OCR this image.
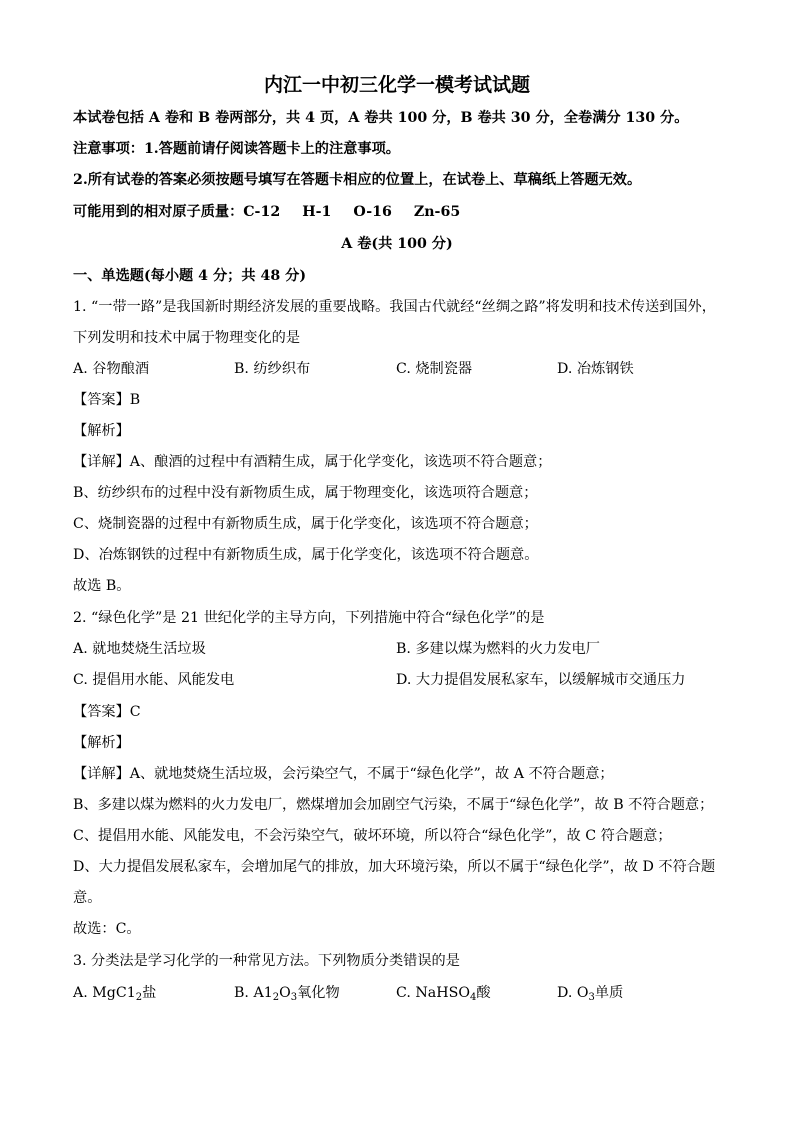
内江一中初三化学一模考试试题
本试卷包括 A 卷和 B 卷两部分，共 4 页，A 卷共 100 分，B 卷共 30 分，全卷满分 130 分。
注意事项：1.答题前请仔阅读答题卡上的注意事项。
2.所有试卷的答案必须按题号填写在答题卡相应的位置上，在试卷上、草稿纸上答题无效。
可能用到的相对原子质量：C-12 H-1 O-16 Zn-65
A 卷(共 100 分)
一、单选题(每小题 4 分；共 48 分)
1. “一带一路”是我国新时期经济发展的重要战略。我国古代就经“丝绸之路”将发明和技术传送到国外，
下列发明和技术中属于物理变化的是
A. 谷物酿酒	B. 纺纱织布	C. 烧制瓷器	D. 冶炼钢铁
【答案】B
【解析】
【详解】A、酿酒的过程中有酒精生成，属于化学变化，该选项不符合题意；
B、纺纱织布的过程中没有新物质生成，属于物理变化，该选项符合题意；
C、烧制瓷器的过程中有新物质生成，属于化学变化，该选项不符合题意；
D、冶炼钢铁的过程中有新物质生成，属于化学变化，该选项不符合题意。
故选 B。
2. “绿色化学”是 21 世纪化学的主导方向，下列措施中符合“绿色化学”的是
A. 就地焚烧生活垃圾	B. 多建以煤为燃料的火力发电厂
C. 提倡用水能、风能发电	D. 大力提倡发展私家车，以缓解城市交通压力
【答案】C
【解析】
【详解】A、就地焚烧生活垃圾，会污染空气，不属于“绿色化学”，故 A 不符合题意；
B、多建以煤为燃料的火力发电厂，燃煤增加会加剧空气污染，不属于“绿色化学”，故 B 不符合题意；
C、提倡用水能、风能发电，不会污染空气，破坏环境，所以符合“绿色化学”，故 C 符合题意；
D、大力提倡发展私家车，会增加尾气的排放，加大环境污染，所以不属于“绿色化学”，故 D 不符合题
意。
故选：C。
3. 分类法是学习化学的一种常见方法。下列物质分类错误的是
A. $MgC1_2$盐	B. $A1_2O_3$氧化物	C. NaHSO$_4$酸	D. $O_3$单质
